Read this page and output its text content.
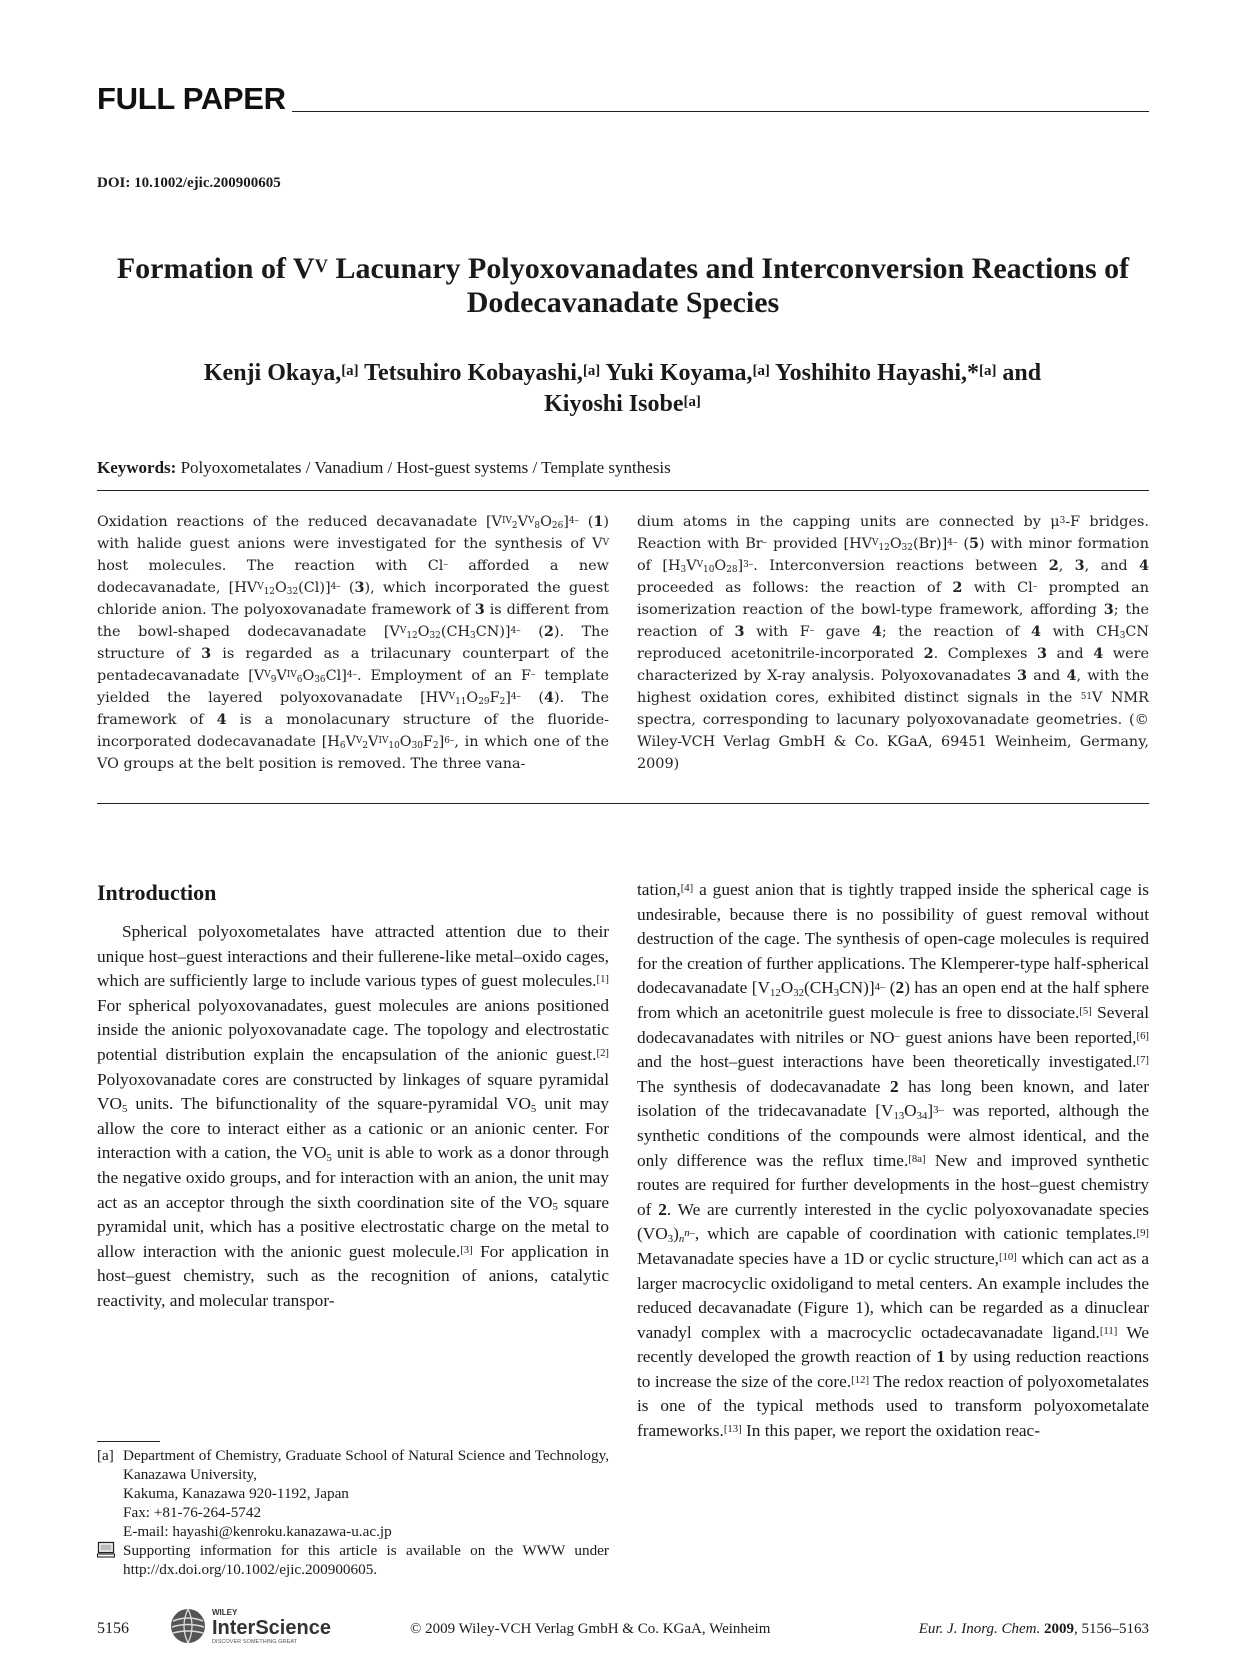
FULL PAPER
DOI: 10.1002/ejic.200900605
Formation of $V^V$ Lacunary Polyoxovanadates and Interconversion Reactions of
Dodecavanadate Species
Kenji Okaya,[a] Tetsuhiro Kobayashi,[a] Yuki Koyama,[a] Yoshihito Hayashi,*[a] and
Kiyoshi Isobe[a]
Keywords: Polyoxometalates / Vanadium / Host-guest systems / Template synthesis
Oxidation reactions of the reduced decavanadate $[V^{IV}_2V^V_8O_{26}]^{4-}$ (1) with halide guest anions were investigated for the synthesis of $V^V$ host molecules. The reaction with Cl– afforded a new dodecavanadate, $[HV^V_{12}O_{32}(Cl)]^{4-}$ (3), which incorporated the guest chloride anion. The polyoxovanadate framework of 3 is different from the bowl-shaped dodecavanadate $[V^V_{12}O_{32}(CH_3CN)]^{4-}$ (2). The structure of 3 is regarded as a trilacunary counterpart of the pentadecavanadate $[V^V_9V^{IV}_6O_{36}Cl]^{4-}$. Employment of an F– template yielded the layered polyoxovanadate $[HV^V_{11}O_{29}F_2]^{4-}$ (4). The framework of 4 is a monolacunary structure of the fluoride-incorporated dodecavanadate $[H_6V^V_2V^{IV}_{10}O_{30}F_2]^{6-}$, in which one of the VO groups at the belt position is removed. The three vana-
dium atoms in the capping units are connected by $\mu^3-F$ bridges. Reaction with Br– provided $[HV^V_{12}O_{32}(Br)]^{4-}$ (5) with minor formation of $[H_3V^V_{10}O_{28}]^{3-}$. Interconversion reactions between 2, 3, and 4 proceeded as follows: the reaction of 2 with Cl– prompted an isomerization reaction of the bowl-type framework, affording 3; the reaction of 3 with F– gave 4; the reaction of 4 with $CH_3CN$ reproduced acetonitrile-incorporated 2. Complexes 3 and 4 were characterized by X-ray analysis. Polyoxovanadates 3 and 4, with the highest oxidation cores, exhibited distinct signals in the $^{51}$V NMR spectra, corresponding to lacunary polyoxovanadate geometries. (© Wiley-VCH Verlag GmbH & Co. KGaA, 69451 Weinheim, Germany, 2009)
Introduction
Spherical polyoxometalates have attracted attention due to their unique host–guest interactions and their fullerene-like metal–oxido cages, which are sufficiently large to include various types of guest molecules.[1] For spherical polyoxovanadates, guest molecules are anions positioned inside the anionic polyoxovanadate cage. The topology and electrostatic potential distribution explain the encapsulation of the anionic guest.[2] Polyoxovanadate cores are constructed by linkages of square pyramidal $VO_5$ units. The bifunctionality of the square-pyramidal $VO_5$ unit may allow the core to interact either as a cationic or an anionic center. For interaction with a cation, the $VO_5$ unit is able to work as a donor through the negative oxido groups, and for interaction with an anion, the unit may act as an acceptor through the sixth coordination site of the $VO_5$ square pyramidal unit, which has a positive electrostatic charge on the metal to allow interaction with the anionic guest molecule.[3] For application in host–guest chemistry, such as the recognition of anions, catalytic reactivity, and molecular transpor-
tation,[4] a guest anion that is tightly trapped inside the spherical cage is undesirable, because there is no possibility of guest removal without destruction of the cage. The synthesis of open-cage molecules is required for the creation of further applications. The Klemperer-type half-spherical dodecavanadate $[V_{12}O_{32}(CH_3CN)]^{4-}$ (2) has an open end at the half sphere from which an acetonitrile guest molecule is free to dissociate.[5] Several dodecavanadates with nitriles or NO– guest anions have been reported,[6] and the host–guest interactions have been theoretically investigated.[7] The synthesis of dodecavanadate 2 has long been known, and later isolation of the tridecavanadate $[V_{13}O_{34}]^{3-}$ was reported, although the synthetic conditions of the compounds were almost identical, and the only difference was the reflux time.[8a] New and improved synthetic routes are required for further developments in the host–guest chemistry of 2. We are currently interested in the cyclic polyoxovanadate species $(VO_3)_n^{n-}$, which are capable of coordination with cationic templates.[9] Metavanadate species have a 1D or cyclic structure,[10] which can act as a larger macrocyclic oxidoligand to metal centers. An example includes the reduced decavanadate (Figure 1), which can be regarded as a dinuclear vanadyl complex with a macrocyclic octadecavanadate ligand.[11] We recently developed the growth reaction of 1 by using reduction reactions to increase the size of the core.[12] The redox reaction of polyoxometalates is one of the typical methods used to transform polyoxometalate frameworks.[13] In this paper, we report the oxidation reac-
[a] Department of Chemistry, Graduate School of Natural Science and Technology, Kanazawa University,
Kakuma, Kanazawa 920-1192, Japan
Fax: +81-76-264-5742
E-mail: hayashi@kenroku.kanazawa-u.ac.jp
Supporting information for this article is available on the WWW under http://dx.doi.org/10.1002/ejic.200900605.
5156
WILEY
InterScience
DISCOVER SOMETHING GREAT
© 2009 Wiley-VCH Verlag GmbH & Co. KGaA, Weinheim	Eur. J. Inorg. Chem. 2009, 5156–5163
